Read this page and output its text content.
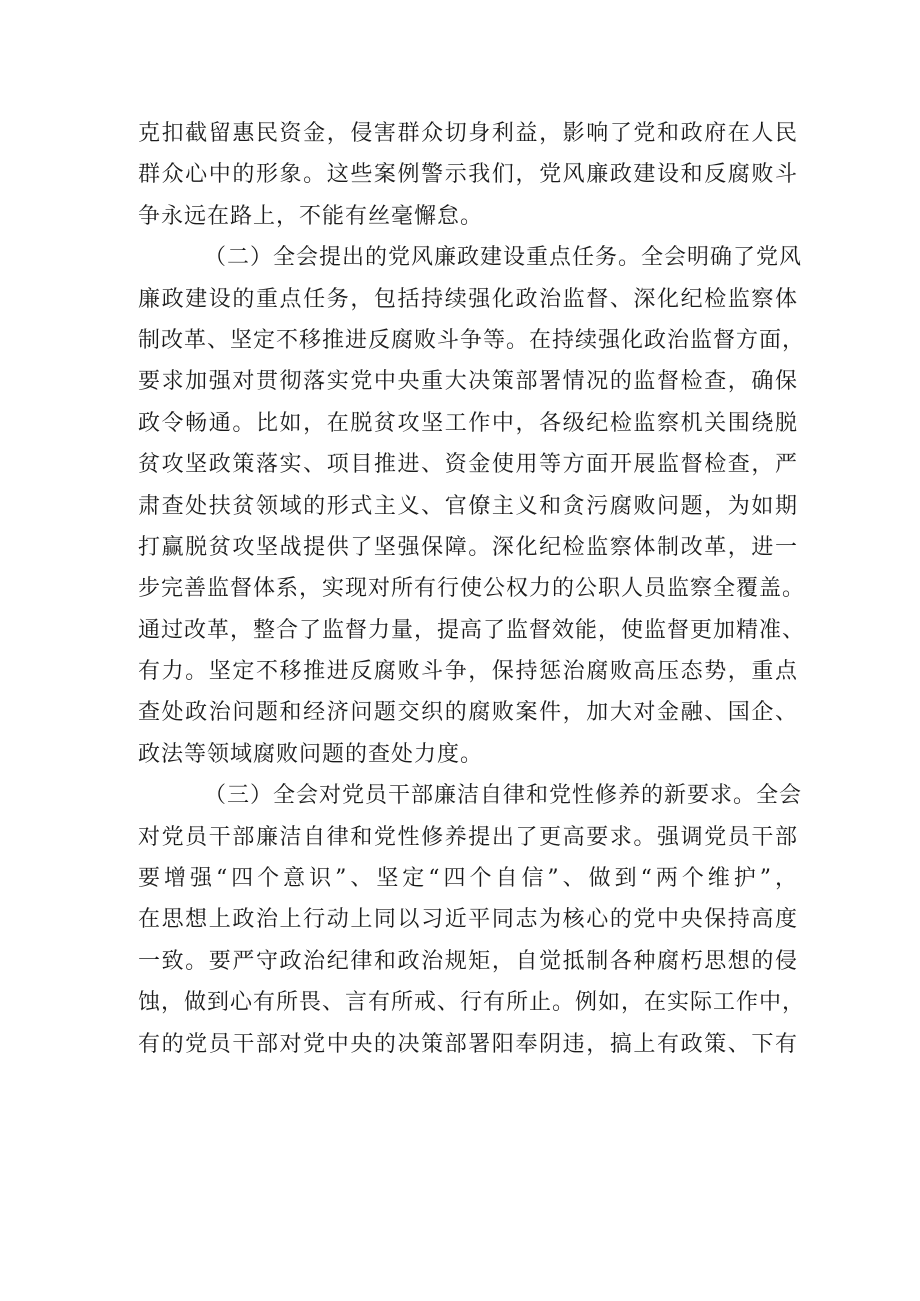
克扣截留惠民资金，侵害群众切身利益，影响了党和政府在人民
群众心中的形象。这些案例警示我们，党风廉政建设和反腐败斗
争永远在路上，不能有丝毫懈怠。
（二）全会提出的党风廉政建设重点任务。全会明确了党风
廉政建设的重点任务，包括持续强化政治监督、深化纪检监察体
制改革、坚定不移推进反腐败斗争等。在持续强化政治监督方面，
要求加强对贯彻落实党中央重大决策部署情况的监督检查，确保
政令畅通。比如，在脱贫攻坚工作中，各级纪检监察机关围绕脱
贫攻坚政策落实、项目推进、资金使用等方面开展监督检查，严
肃查处扶贫领域的形式主义、官僚主义和贪污腐败问题，为如期
打赢脱贫攻坚战提供了坚强保障。深化纪检监察体制改革，进一
步完善监督体系，实现对所有行使公权力的公职人员监察全覆盖。
通过改革，整合了监督力量，提高了监督效能，使监督更加精准、
有力。坚定不移推进反腐败斗争，保持惩治腐败高压态势，重点
查处政治问题和经济问题交织的腐败案件，加大对金融、国企、
政法等领域腐败问题的查处力度。
（三）全会对党员干部廉洁自律和党性修养的新要求。全会
对党员干部廉洁自律和党性修养提出了更高要求。强调党员干部
要增强“四个意识”、坚定“四个自信”、做到“两个维护”，
在思想上政治上行动上同以习近平同志为核心的党中央保持高度
一致。要严守政治纪律和政治规矩，自觉抵制各种腐朽思想的侵
蚀，做到心有所畏、言有所戒、行有所止。例如，在实际工作中，
有的党员干部对党中央的决策部署阳奉阴违，搞上有政策、下有
